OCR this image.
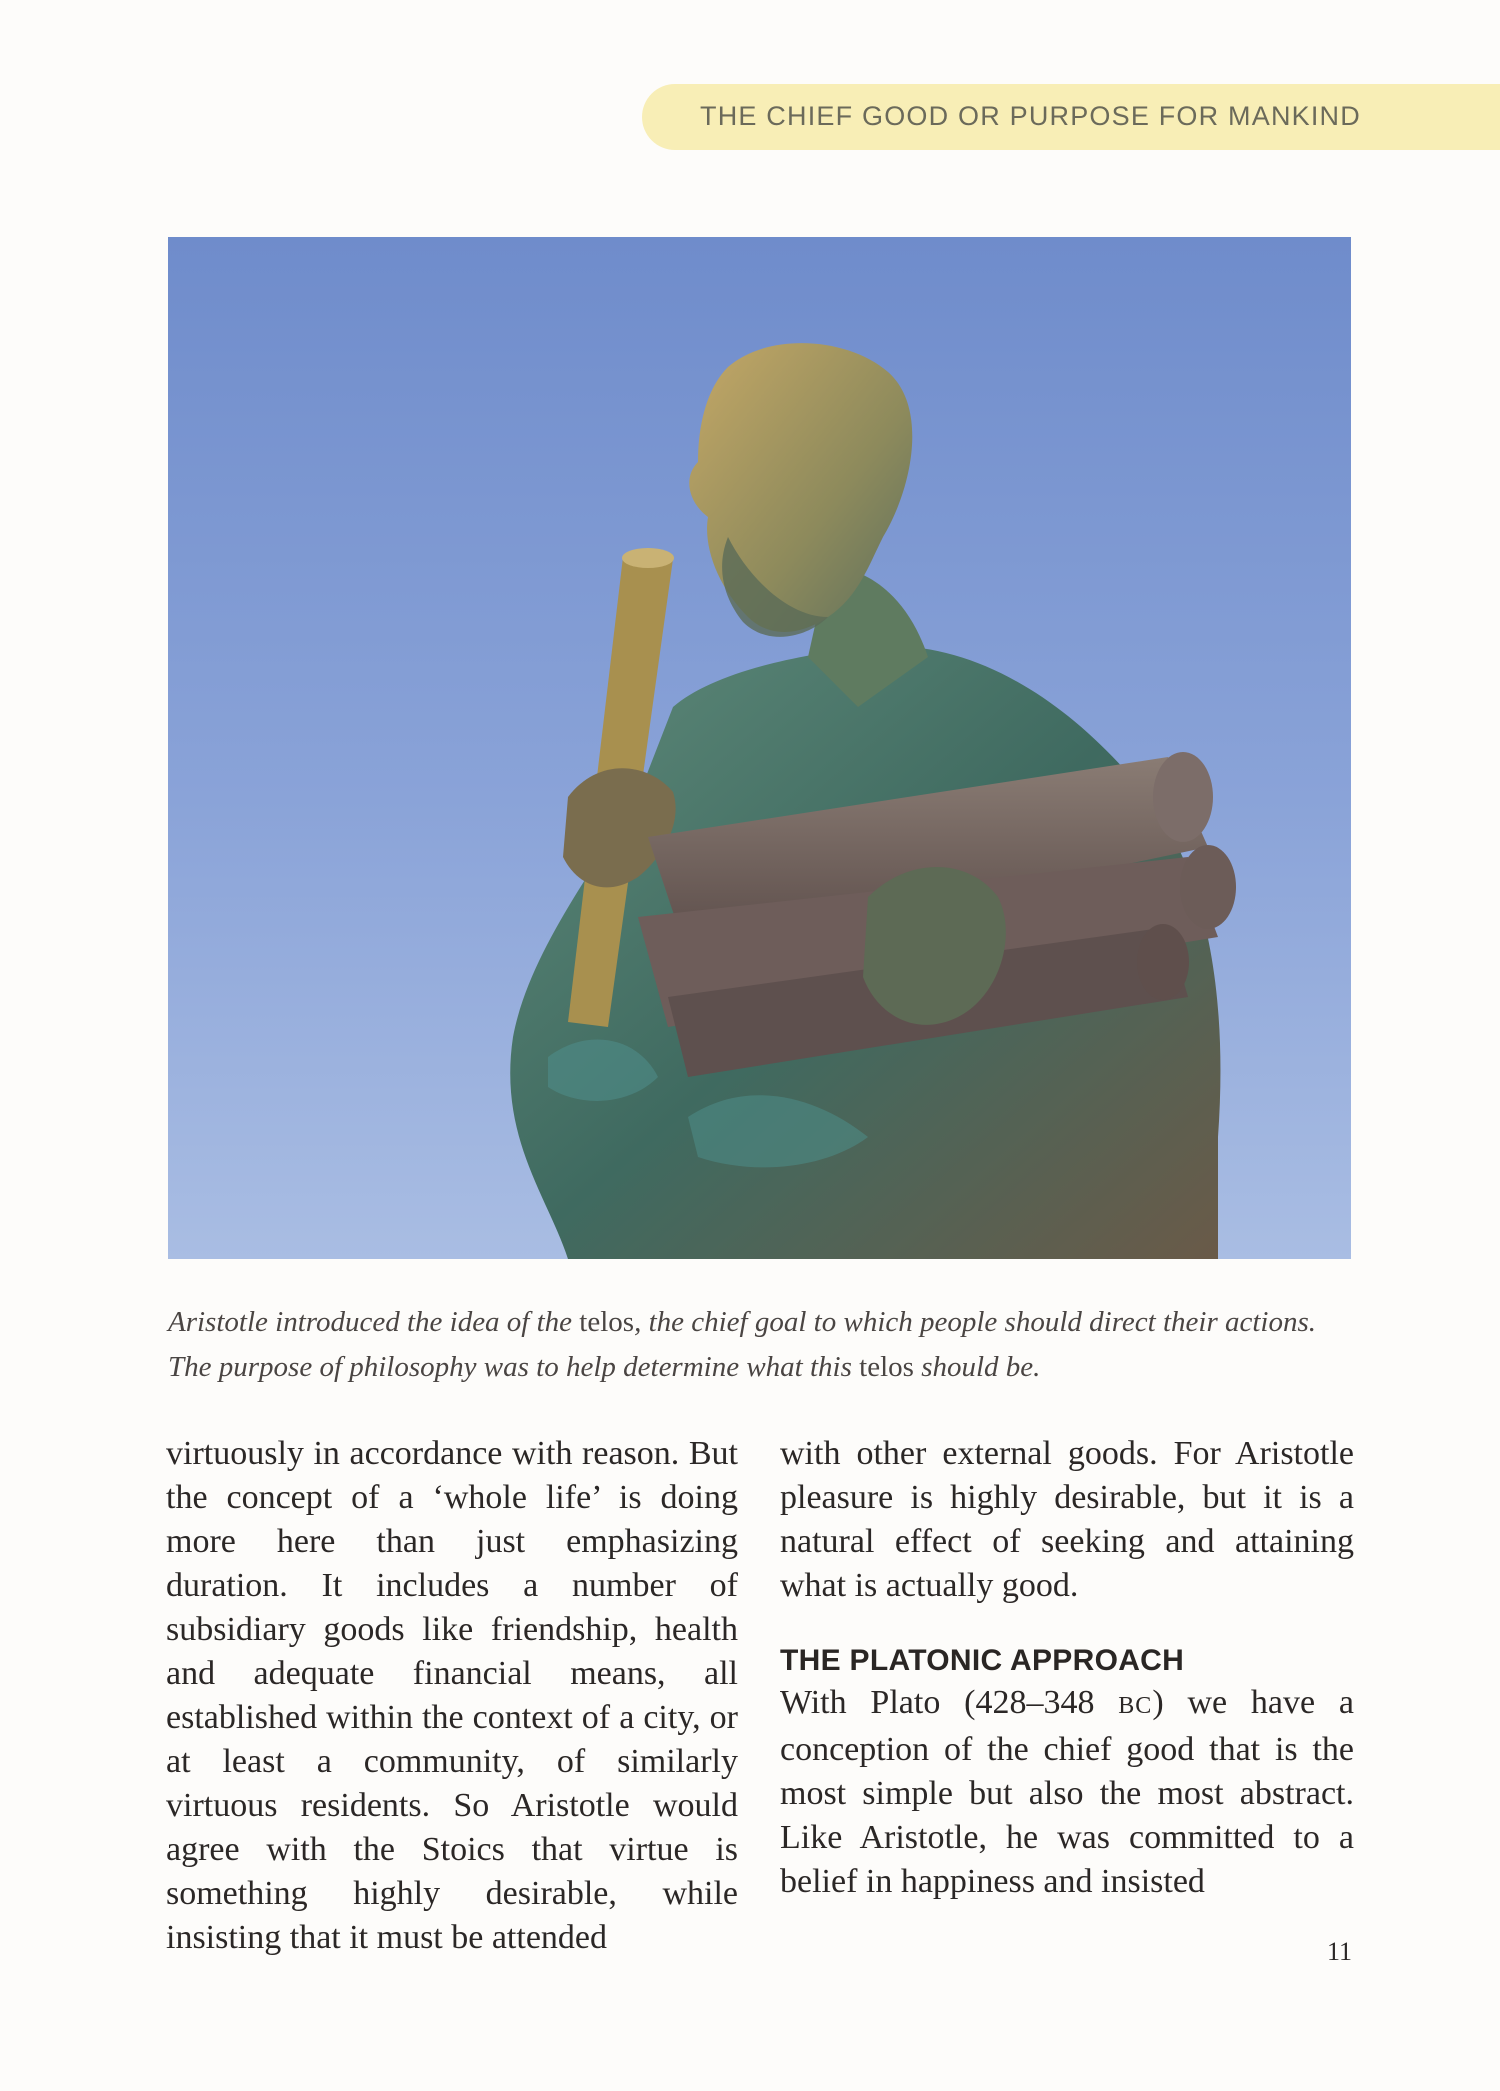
THE CHIEF GOOD OR PURPOSE FOR MANKIND
Aristotle introduced the idea of the telos, the chief goal to which people should direct their actions. The purpose of philosophy was to help determine what this telos should be.

virtuously in accordance with reason. But the concept of a ‘whole life’ is doing more here than just emphasizing duration. It includes a number of subsidiary goods like friendship, health and adequate financial means, all established within the context of a city, or at least a community, of similarly virtuous residents. So Aristotle would agree with the Stoics that virtue is something highly desirable, while insisting that it must be attended

with other external goods. For Aristotle pleasure is highly desirable, but it is a natural effect of seeking and attaining what is actually good.

THE PLATONIC APPROACH

With Plato (428–348 BC) we have a conception of the chief good that is the most simple but also the most abstract. Like Aristotle, he was committed to a belief in happiness and insisted

11
